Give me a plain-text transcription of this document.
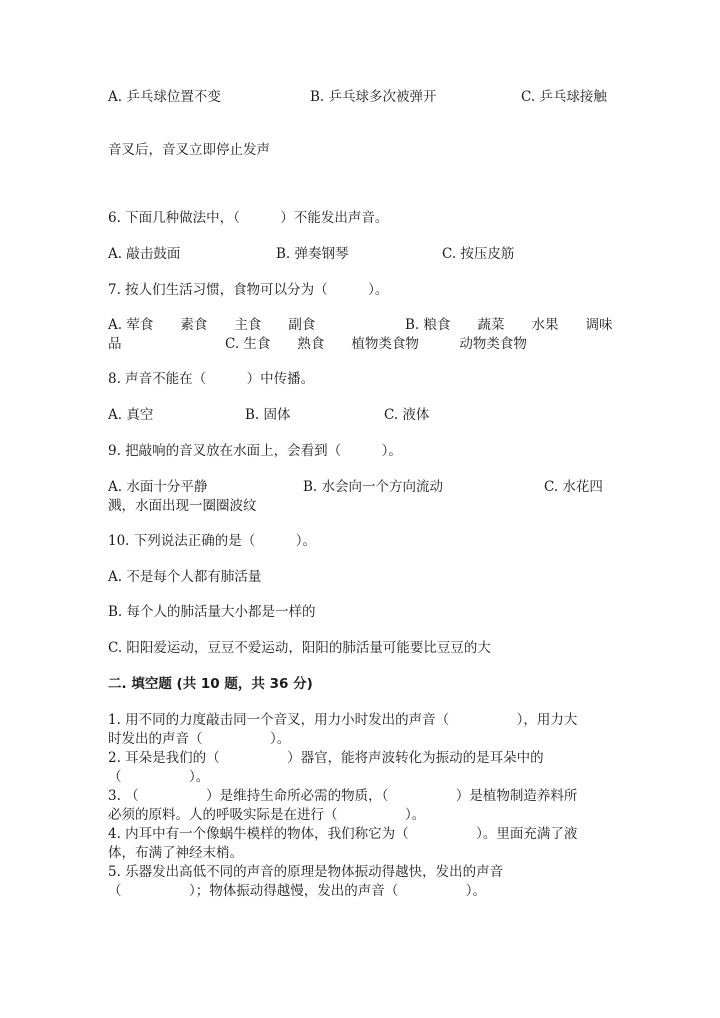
A. 乒乓球位置不变	B. 乒乓球多次被弹开	C. 乒乓球接触
音叉后，音叉立即停止发声
6. 下面几种做法中，（　　　）不能发出声音。
A. 敲击鼓面	B. 弹奏钢琴	C. 按压皮筋
7. 按人们生活习惯，食物可以分为（　　　）。
A. 荤食　　素食　　主食　　副食	B. 粮食　　蔬菜　　水果　　调味
品	C. 生食　　熟食　　植物类食物　　　动物类食物
8. 声音不能在（　　　）中传播。
A. 真空	B. 固体	C. 液体
9. 把敲响的音叉放在水面上，会看到（　　　）。
A. 水面十分平静	B. 水会向一个方向流动	C. 水花四
溅，水面出现一圈圈波纹
10. 下列说法正确的是（　　　）。
A. 不是每个人都有肺活量
B. 每个人的肺活量大小都是一样的
C. 阳阳爱运动，豆豆不爱运动，阳阳的肺活量可能要比豆豆的大
二. 填空题 (共 10 题，共 36 分)
1. 用不同的力度敲击同一个音叉，用力小时发出的声音（　　　　　），用力大
时发出的声音（　　　　　）。
2. 耳朵是我们的（　　　　　）器官，能将声波转化为振动的是耳朵中的
（　　　　　）。
3. （　　　　　）是维持生命所必需的物质，（　　　　　）是植物制造养料所
必须的原料。人的呼吸实际是在进行（　　　　　）。
4. 内耳中有一个像蜗牛模样的物体，我们称它为（　　　　　）。里面充满了液
体，布满了神经末梢。
5. 乐器发出高低不同的声音的原理是物体振动得越快，发出的声音
（　　　　　）；物体振动得越慢，发出的声音（　　　　　）。
